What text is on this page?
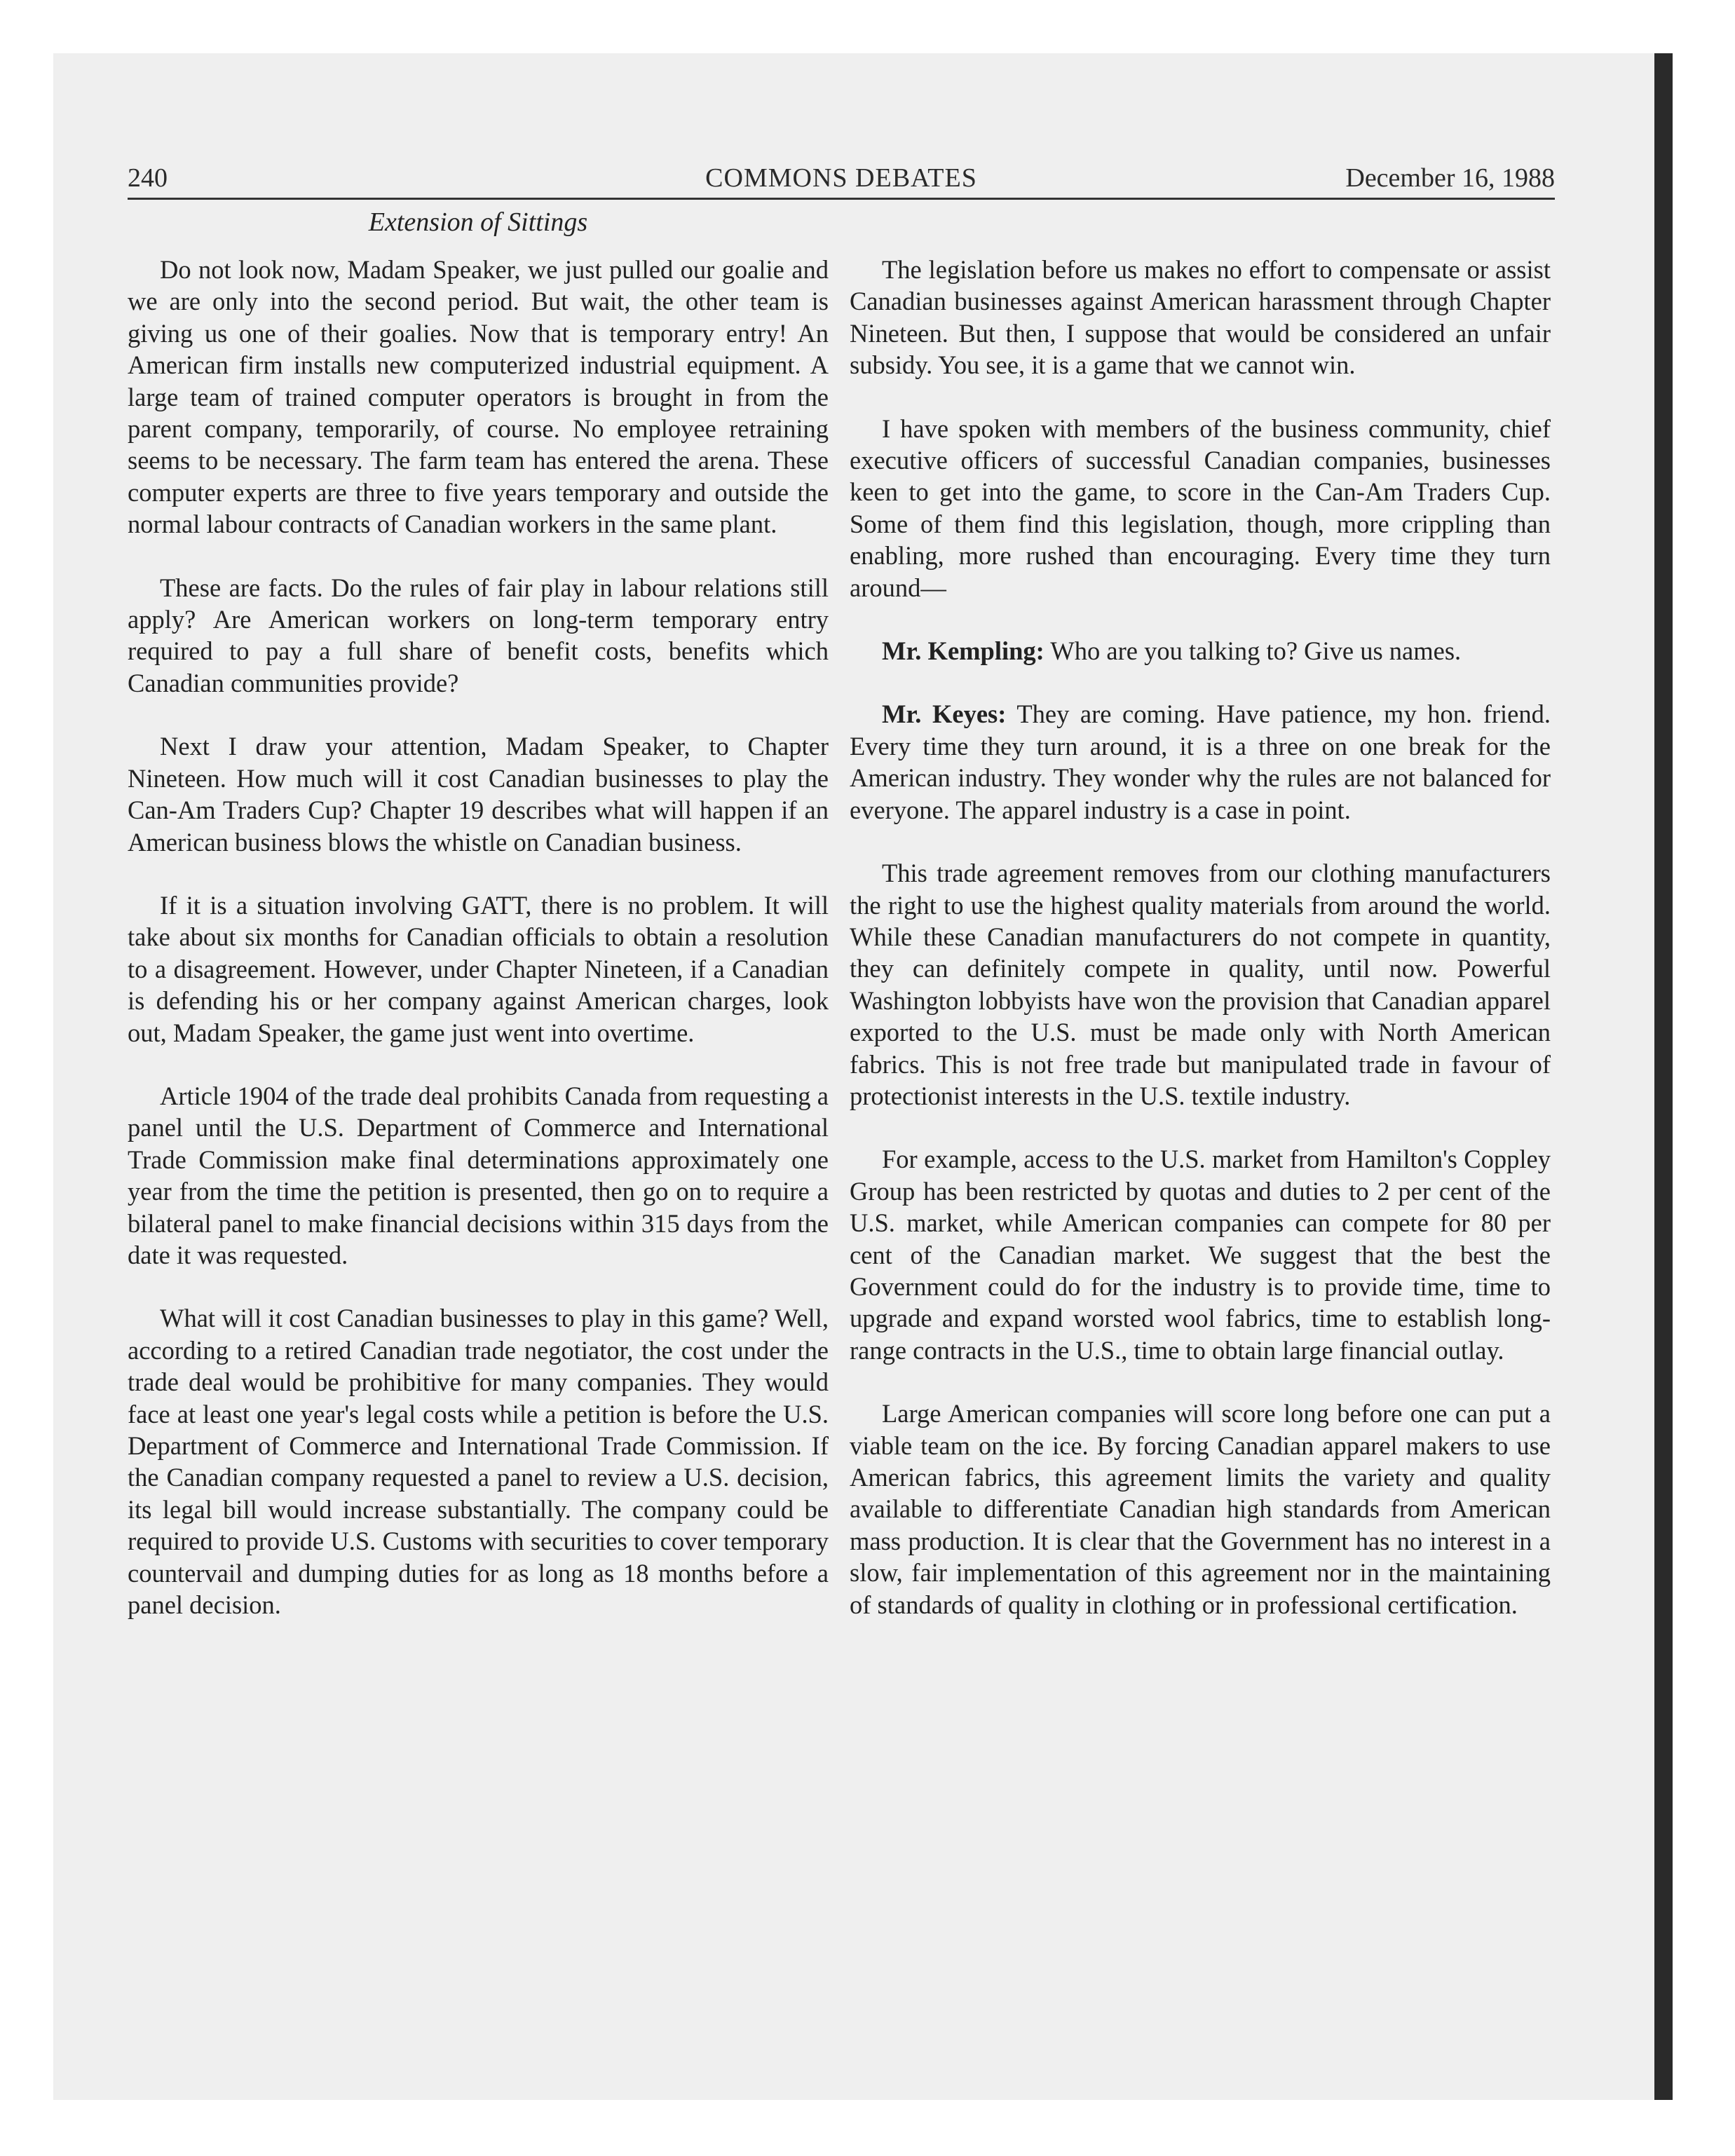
240	COMMONS DEBATES	December 16, 1988
Extension of Sittings

Do not look now, Madam Speaker, we just pulled our goalie and we are only into the second period. But wait, the other team is giving us one of their goalies. Now that is temporary entry! An American firm installs new computerized industrial equipment. A large team of trained computer operators is brought in from the parent company, temporarily, of course. No employee retraining seems to be necessary. The farm team has entered the arena. These computer experts are three to five years temporary and outside the normal labour contracts of Canadian workers in the same plant.

These are facts. Do the rules of fair play in labour relations still apply? Are American workers on long-term temporary entry required to pay a full share of benefit costs, benefits which Canadian communities provide?

Next I draw your attention, Madam Speaker, to Chapter Nineteen. How much will it cost Canadian businesses to play the Can-Am Traders Cup? Chapter 19 describes what will happen if an American business blows the whistle on Canadian business.

If it is a situation involving GATT, there is no problem. It will take about six months for Canadian officials to obtain a resolution to a disagreement. However, under Chapter Nineteen, if a Canadian is defending his or her company against American charges, look out, Madam Speaker, the game just went into overtime.

Article 1904 of the trade deal prohibits Canada from requesting a panel until the U.S. Department of Commerce and International Trade Commission make final determinations approximately one year from the time the petition is presented, then go on to require a bilateral panel to make financial decisions within 315 days from the date it was requested.

What will it cost Canadian businesses to play in this game? Well, according to a retired Canadian trade negotiator, the cost under the trade deal would be prohibitive for many companies. They would face at least one year's legal costs while a petition is before the U.S. Department of Commerce and International Trade Commission. If the Canadian company requested a panel to review a U.S. decision, its legal bill would increase substantially. The company could be required to provide U.S. Customs with securities to cover temporary countervail and dumping duties for as long as 18 months before a panel decision.

The legislation before us makes no effort to compensate or assist Canadian businesses against American harassment through Chapter Nineteen. But then, I suppose that would be considered an unfair subsidy. You see, it is a game that we cannot win.

I have spoken with members of the business community, chief executive officers of successful Canadian companies, businesses keen to get into the game, to score in the Can-Am Traders Cup. Some of them find this legislation, though, more crippling than enabling, more rushed than encouraging. Every time they turn around—

Mr. Kempling: Who are you talking to? Give us names.

Mr. Keyes: They are coming. Have patience, my hon. friend. Every time they turn around, it is a three on one break for the American industry. They wonder why the rules are not balanced for everyone. The apparel industry is a case in point.

This trade agreement removes from our clothing manufacturers the right to use the highest quality materials from around the world. While these Canadian manufacturers do not compete in quantity, they can definitely compete in quality, until now. Powerful Washington lobbyists have won the provision that Canadian apparel exported to the U.S. must be made only with North American fabrics. This is not free trade but manipulated trade in favour of protectionist interests in the U.S. textile industry.

For example, access to the U.S. market from Hamilton's Coppley Group has been restricted by quotas and duties to 2 per cent of the U.S. market, while American companies can compete for 80 per cent of the Canadian market. We suggest that the best the Government could do for the industry is to provide time, time to upgrade and expand worsted wool fabrics, time to establish long-range contracts in the U.S., time to obtain large financial outlay.

Large American companies will score long before one can put a viable team on the ice. By forcing Canadian apparel makers to use American fabrics, this agreement limits the variety and quality available to differentiate Canadian high standards from American mass production. It is clear that the Government has no interest in a slow, fair implementation of this agreement nor in the maintaining of standards of quality in clothing or in professional certification.
